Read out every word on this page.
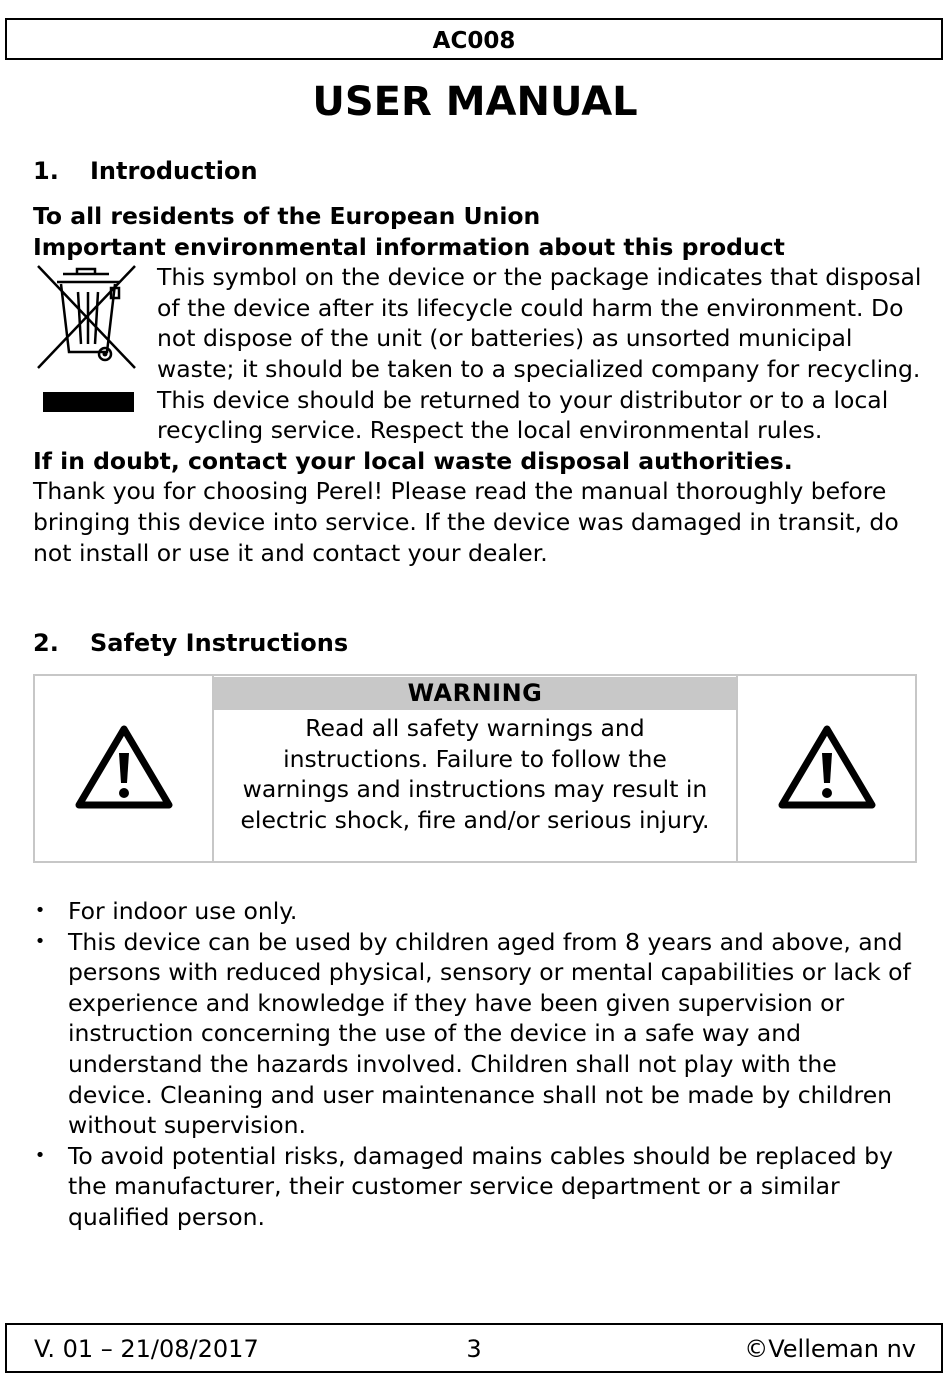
AC008
USER MANUAL
1. Introduction

To all residents of the European Union

Important environmental information about this product

This symbol on the device or the package indicates that disposal of the device after its lifecycle could harm the environment. Do not dispose of the unit (or batteries) as unsorted municipal waste; it should be taken to a specialized company for recycling. This device should be returned to your distributor or to a local recycling service. Respect the local environmental rules.

If in doubt, contact your local waste disposal authorities.

Thank you for choosing Perel! Please read the manual thoroughly before bringing this device into service. If the device was damaged in transit, do not install or use it and contact your dealer.

2. Safety Instructions
WARNING
Read all safety warnings and instructions. Failure to follow the warnings and instructions may result in electric shock, fire and/or serious injury.
• For indoor use only.
• This device can be used by children aged from 8 years and above, and persons with reduced physical, sensory or mental capabilities or lack of experience and knowledge if they have been given supervision or instruction concerning the use of the device in a safe way and understand the hazards involved. Children shall not play with the device. Cleaning and user maintenance shall not be made by children without supervision.
• To avoid potential risks, damaged mains cables should be replaced by the manufacturer, their customer service department or a similar qualified person.
V. 01 – 21/08/2017	3	©Velleman nv
